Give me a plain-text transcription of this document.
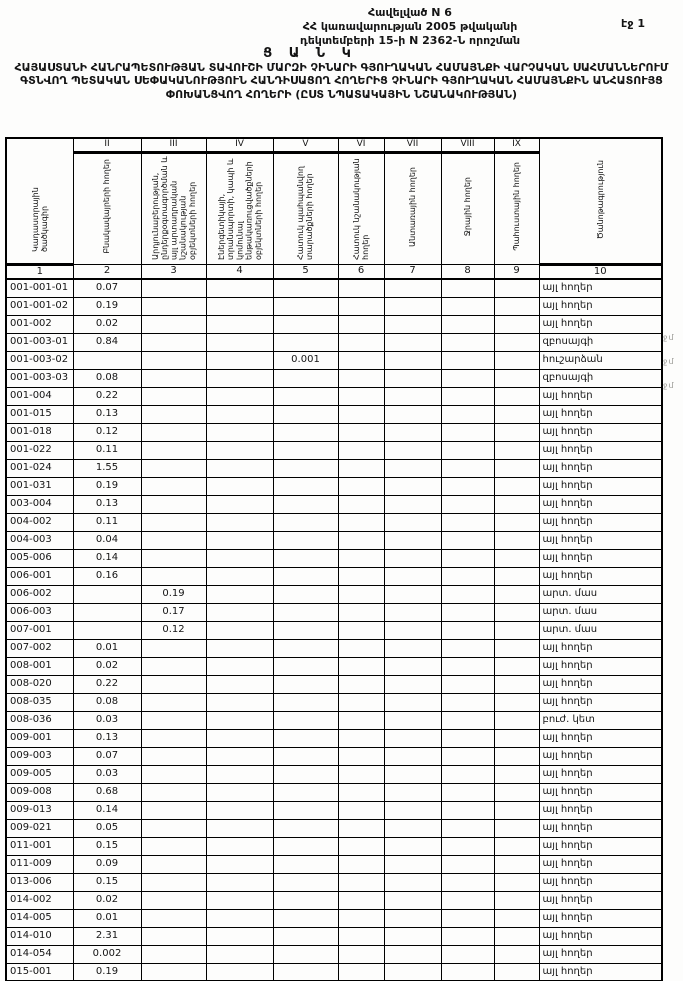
Հավելված N 6
ՀՀ կառավարության 2005 թվականի
դեկտեմբերի 15-ի N 2362-Ն որոշման
էջ 1
Ց Ա Ն Կ
ՀԱՅԱՍՏԱՆԻ ՀԱՆՐԱՊԵՏՈՒԹՅԱՆ ՏԱՎՈՒՇԻ ՄԱՐԶԻ ՉԻՆԱՐԻ ԳՅՈՒՂԱԿԱՆ ՀԱՄԱՅՆՔԻ ՎԱՐՉԱԿԱՆ ՍԱՀՄԱՆՆԵՐՈՒՄ ԳՏՆՎՈՂ ՊԵՏԱԿԱՆ ՍԵՓԱԿԱՆՈՒԹՅՈՒՆ ՀԱՆԴԻՍԱՑՈՂ ՀՈՂԵՐԻՑ ՉԻՆԱՐԻ ԳՅՈՒՂԱԿԱՆ ՀԱՄԱՅՆՔԻՆ ԱՆՀԱՏՈՒՅՑ ՓՈԽԱՆՑՎՈՂ ՀՈՂԵՐԻ (ԸՍՏ ՆՊԱՏԱԿԱՅԻՆ ՆՇԱՆԱԿՈՒԹՅԱՆ)
Կադաստրային ծածկագիր	II	III	IV	V	VI	VII	VIII	IX	Ծանոթագրություն
	Բնակավայրերի հողեր	Արդյունաբերության, ընդերքօգտագործման և այլ արտադրական նշանակության օբյեկտների հողեր	Էներգետիկայի, տրանսպորտի, կապի և կոմունալ ենթակառուցվածքների օբյեկտների հողեր	Հատուկ պահպանվող տարածքների հողեր	Հատուկ նշանակության հողեր	Անտառային հողեր	Ջրային հողեր	Պահուստային հողեր	
1	2	3	4	5	6	7	8	9	10
001-001-01	0.07								այլ հողեր
001-001-02	0.19								այլ հողեր
001-002	0.02								այլ հողեր
001-003-01	0.84								զբոսայգի
001-003-02				0.001					հուշարձան
001-003-03	0.08								զբոսայգի
001-004	0.22								այլ հողեր
001-015	0.13								այլ հողեր
001-018	0.12								այլ հողեր
001-022	0.11								այլ հողեր
001-024	1.55								այլ հողեր
001-031	0.19								այլ հողեր
003-004	0.13								այլ հողեր
004-002	0.11								այլ հողեր
004-003	0.04								այլ հողեր
005-006	0.14								այլ հողեր
006-001	0.16								այլ հողեր
006-002		0.19							արտ. մաս
006-003		0.17							արտ. մաս
007-001		0.12							արտ. մաս
007-002	0.01								այլ հողեր
008-001	0.02								այլ հողեր
008-020	0.22								այլ հողեր
008-035	0.08								այլ հողեր
008-036	0.03								բուժ. կետ
009-001	0.13								այլ հողեր
009-003	0.07								այլ հողեր
009-005	0.03								այլ հողեր
009-008	0.68								այլ հողեր
009-013	0.14								այլ հողեր
009-021	0.05								այլ հողեր
011-001	0.15								այլ հողեր
011-009	0.09								այլ հողեր
013-006	0.15								այլ հողեր
014-002	0.02								այլ հողեր
014-005	0.01								այլ հողեր
014-010	2.31								այլ հողեր
014-054	0.002								այլ հողեր
015-001	0.19								այլ հողեր
ջմ
ջմ
ջմ
